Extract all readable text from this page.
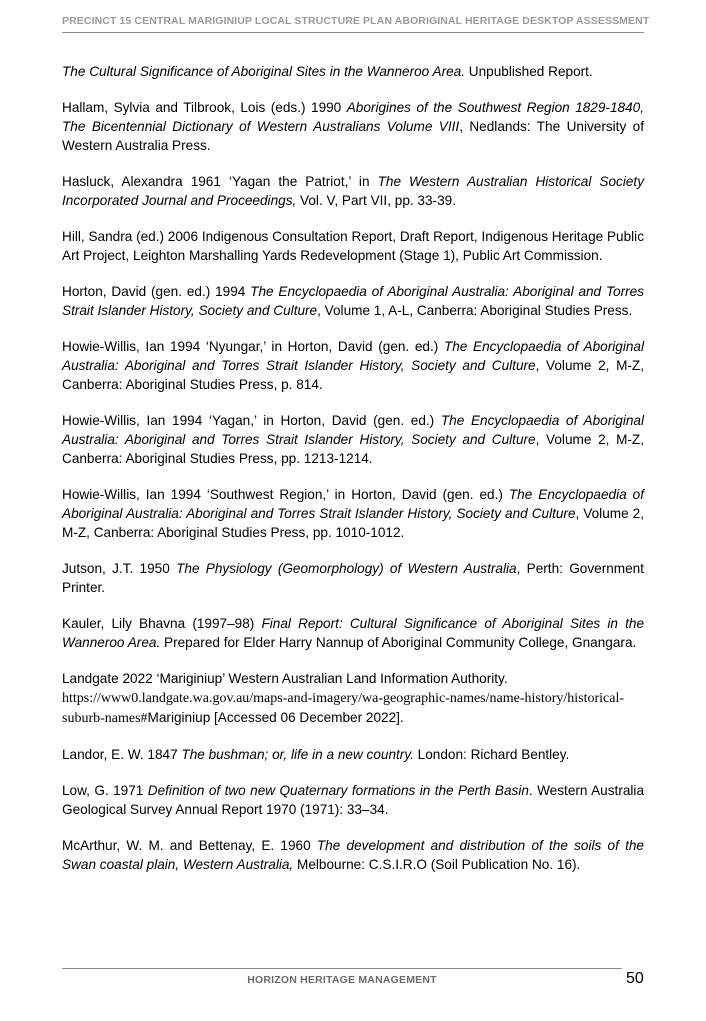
PRECINCT 15 CENTRAL MARIGINIUP LOCAL STRUCTURE PLAN ABORIGINAL HERITAGE DESKTOP ASSESSMENT

The Cultural Significance of Aboriginal Sites in the Wanneroo Area. Unpublished Report.

Hallam, Sylvia and Tilbrook, Lois (eds.) 1990 Aborigines of the Southwest Region 1829-1840, The Bicentennial Dictionary of Western Australians Volume VIII, Nedlands: The University of Western Australia Press.

Hasluck, Alexandra 1961 ‘Yagan the Patriot,’ in The Western Australian Historical Society Incorporated Journal and Proceedings, Vol. V, Part VII, pp. 33-39.

Hill, Sandra (ed.) 2006 Indigenous Consultation Report, Draft Report, Indigenous Heritage Public Art Project, Leighton Marshalling Yards Redevelopment (Stage 1), Public Art Commission.

Horton, David (gen. ed.) 1994 The Encyclopaedia of Aboriginal Australia: Aboriginal and Torres Strait Islander History, Society and Culture, Volume 1, A-L, Canberra: Aboriginal Studies Press.

Howie-Willis, Ian 1994 ‘Nyungar,’ in Horton, David (gen. ed.) The Encyclopaedia of Aboriginal Australia: Aboriginal and Torres Strait Islander History, Society and Culture, Volume 2, M-Z, Canberra: Aboriginal Studies Press, p. 814.

Howie-Willis, Ian 1994 ‘Yagan,’ in Horton, David (gen. ed.) The Encyclopaedia of Aboriginal Australia: Aboriginal and Torres Strait Islander History, Society and Culture, Volume 2, M-Z, Canberra: Aboriginal Studies Press, pp. 1213-1214.

Howie-Willis, Ian 1994 ‘Southwest Region,’ in Horton, David (gen. ed.) The Encyclopaedia of Aboriginal Australia: Aboriginal and Torres Strait Islander History, Society and Culture, Volume 2, M-Z, Canberra: Aboriginal Studies Press, pp. 1010-1012.

Jutson, J.T. 1950 The Physiology (Geomorphology) of Western Australia, Perth: Government Printer.

Kauler, Lily Bhavna (1997–98) Final Report: Cultural Significance of Aboriginal Sites in the Wanneroo Area. Prepared for Elder Harry Nannup of Aboriginal Community College, Gnangara.

Landgate 2022 ‘Mariginiup’ Western Australian Land Information Authority.
https://www0.landgate.wa.gov.au/maps-and-imagery/wa-geographic-names/name-history/historical-suburb-names#Mariginiup [Accessed 06 December 2022].

Landor, E. W. 1847 The bushman; or, life in a new country. London: Richard Bentley.

Low, G. 1971 Definition of two new Quaternary formations in the Perth Basin. Western Australia Geological Survey Annual Report 1970 (1971): 33–34.

McArthur, W. M. and Bettenay, E. 1960 The development and distribution of the soils of the Swan coastal plain, Western Australia, Melbourne: C.S.I.R.O (Soil Publication No. 16).

HORIZON HERITAGE MANAGEMENT	50
